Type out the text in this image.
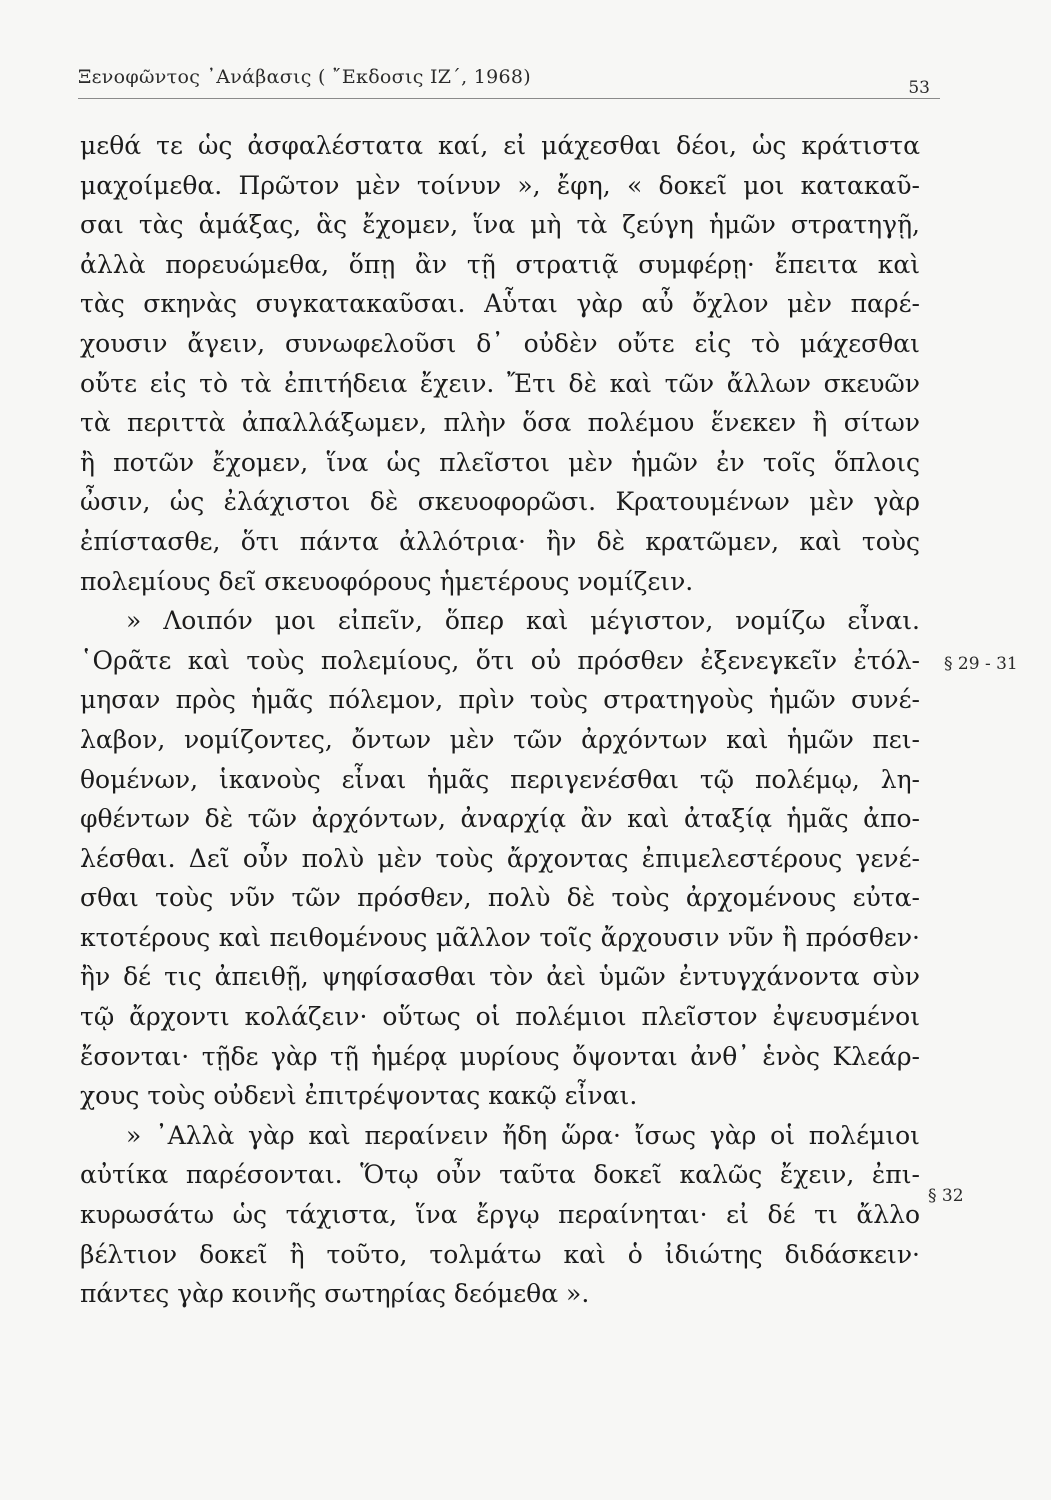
Ξενοφῶντος ᾿Ανάβασις ( ῎Εκδοσις ΙΖ΄, 1968)	53
μεθά τε ὡς ἀσφαλέστατα καί, εἰ μάχεσθαι δέοι, ὡς κράτιστα
μαχοίμεθα. Πρῶτον μὲν τοίνυν », ἔφη, « δοκεῖ μοι κατακαῦ-
σαι τὰς ἁμάξας, ἃς ἔχομεν, ἵνα μὴ τὰ ζεύγη ἡμῶν στρατηγῇ,
ἀλλὰ πορευώμεθα, ὅπῃ ἂν τῇ στρατιᾷ συμφέρῃ· ἔπειτα καὶ
τὰς σκηνὰς συγκατακαῦσαι. Αὗται γὰρ αὖ ὄχλον μὲν παρέ-
χουσιν ἄγειν, συνωφελοῦσι δ᾿ οὐδὲν οὔτε εἰς τὸ μάχεσθαι
οὔτε εἰς τὸ τὰ ἐπιτήδεια ἔχειν. Ἔτι δὲ καὶ τῶν ἄλλων σκευῶν
τὰ περιττὰ ἀπαλλάξωμεν, πλὴν ὅσα πολέμου ἕνεκεν ἢ σίτων
ἢ ποτῶν ἔχομεν, ἵνα ὡς πλεῖστοι μὲν ἡμῶν ἐν τοῖς ὅπλοις
ὦσιν, ὡς ἐλάχιστοι δὲ σκευοφορῶσι. Κρατουμένων μὲν γὰρ
ἐπίστασθε, ὅτι πάντα ἀλλότρια· ἢν δὲ κρατῶμεν, καὶ τοὺς
πολεμίους δεῖ σκευοφόρους ἡμετέρους νομίζειν.
» Λοιπόν μοι εἰπεῖν, ὅπερ καὶ μέγιστον, νομίζω εἶναι.
῾Ορᾶτε καὶ τοὺς πολεμίους, ὅτι οὐ πρόσθεν ἐξενεγκεῖν ἐτόλ-
μησαν πρὸς ἡμᾶς πόλεμον, πρὶν τοὺς στρατηγοὺς ἡμῶν συνέ-
λαβον, νομίζοντες, ὄντων μὲν τῶν ἀρχόντων καὶ ἡμῶν πει-
θομένων, ἱκανοὺς εἶναι ἡμᾶς περιγενέσθαι τῷ πολέμῳ, λη-
φθέντων δὲ τῶν ἀρχόντων, ἀναρχίᾳ ἂν καὶ ἀταξίᾳ ἡμᾶς ἀπο-
λέσθαι. Δεῖ οὖν πολὺ μὲν τοὺς ἄρχοντας ἐπιμελεστέρους γενέ-
σθαι τοὺς νῦν τῶν πρόσθεν, πολὺ δὲ τοὺς ἀρχομένους εὐτα-
κτοτέρους καὶ πειθομένους μᾶλλον τοῖς ἄρχουσιν νῦν ἢ πρόσθεν·
ἢν δέ τις ἀπειθῇ, ψηφίσασθαι τὸν ἀεὶ ὑμῶν ἐντυγχάνοντα σὺν
τῷ ἄρχοντι κολάζειν· οὕτως οἱ πολέμιοι πλεῖστον ἐψευσμένοι
ἔσονται· τῇδε γὰρ τῇ ἡμέρᾳ μυρίους ὄψονται ἀνθ᾿ ἑνὸς Κλεάρ-
χους τοὺς οὐδενὶ ἐπιτρέψοντας κακῷ εἶναι.
» ᾿Αλλὰ γὰρ καὶ περαίνειν ἤδη ὥρα· ἴσως γὰρ οἱ πολέμιοι
αὐτίκα παρέσονται. Ὅτῳ οὖν ταῦτα δοκεῖ καλῶς ἔχειν, ἐπι-
κυρωσάτω ὡς τάχιστα, ἵνα ἔργῳ περαίνηται· εἰ δέ τι ἄλλο
βέλτιον δοκεῖ ἢ τοῦτο, τολμάτω καὶ ὁ ἰδιώτης διδάσκειν·
πάντες γὰρ κοινῆς σωτηρίας δεόμεθα ».
§ 29 - 31
§ 32
